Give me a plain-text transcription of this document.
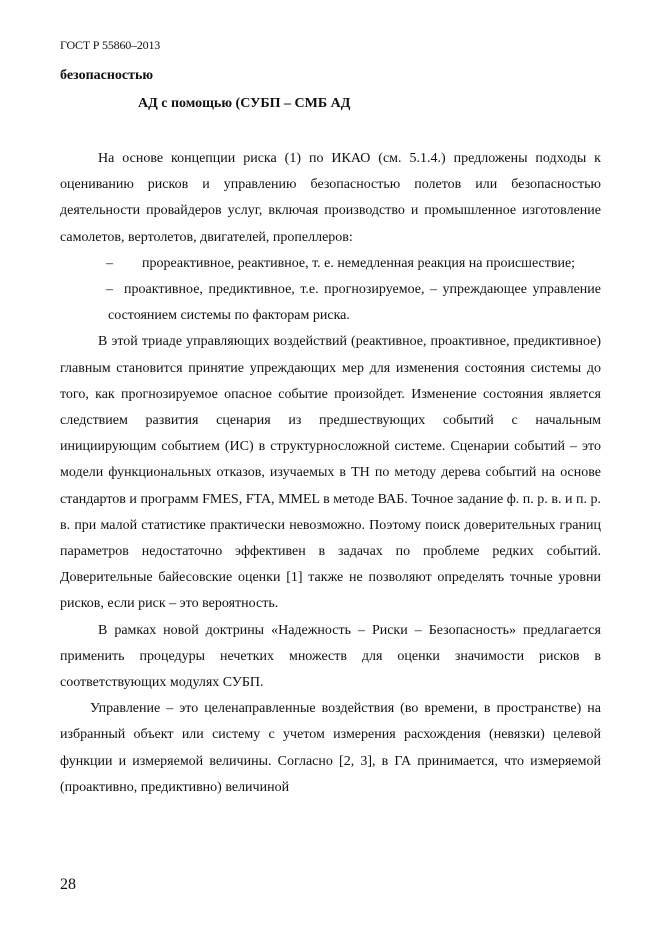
ГОСТ Р 55860–2013
безопасностью
АД с помощью (СУБП – СМБ АД

На основе концепции риска (1) по ИКАО (см. 5.1.4.) предложены подходы к оцениванию рисков и управлению безопасностью полетов или безопасностью деятельности провайдеров услуг, включая производство и промышленное изготовление самолетов, вертолетов, двигателей, пропеллеров:

– прореактивное, реактивное, т. е. немедленная реакция на происшествие;

– проактивное, предиктивное, т.е. прогнозируемое, – упреждающее управление состоянием системы по факторам риска.

В этой триаде управляющих воздействий (реактивное, проактивное, предиктивное) главным становится принятие упреждающих мер для изменения состояния системы до того, как прогнозируемое опасное событие произойдет. Изменение состояния является следствием развития сценария из предшествующих событий с начальным инициирующим событием (ИС) в структурносложной системе. Сценарии событий – это модели функциональных отказов, изучаемых в ТН по методу дерева событий на основе стандартов и программ FMES, FTA, MMEL в методе ВАБ. Точное задание ф. п. р. в. и п. р. в. при малой статистике практически невозможно. Поэтому поиск доверительных границ параметров недостаточно эффективен в задачах по проблеме редких событий. Доверительные байесовские оценки [1] также не позволяют определять точные уровни рисков, если риск – это вероятность.

В рамках новой доктрины «Надежность – Риски – Безопасность» предлагается применить процедуры нечетких множеств для оценки значимости рисков в соответствующих модулях СУБП.

Управление – это целенаправленные воздействия (во времени, в пространстве) на избранный объект или систему с учетом измерения расхождения (невязки) целевой функции и измеряемой величины. Согласно [2, 3], в ГА принимается, что измеряемой (проактивно, предиктивно) величиной

28
